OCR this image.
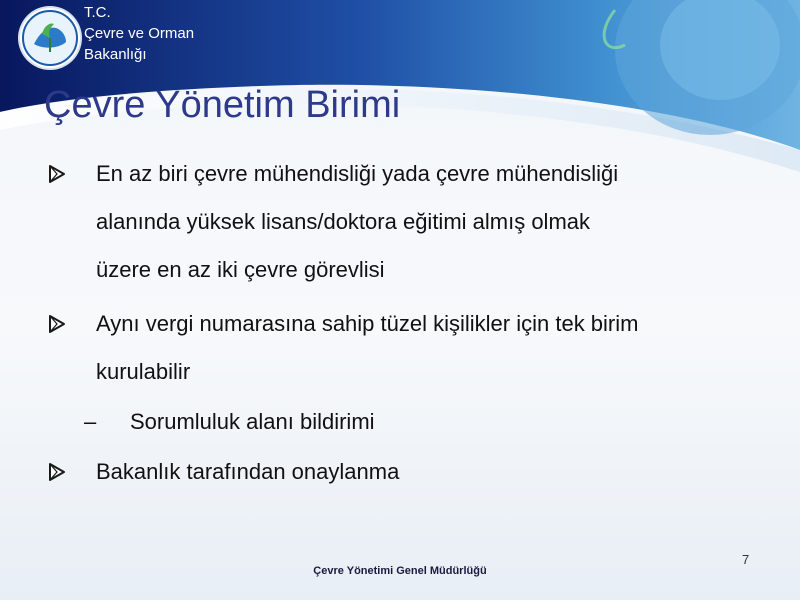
T.C.
Çevre ve Orman
Bakanlığı
Çevre Yönetim Birimi
En az biri çevre mühendisliği yada çevre mühendisliği
alanında yüksek lisans/doktora eğitimi almış olmak
üzere en az iki çevre görevlisi
Aynı vergi numarasına sahip tüzel kişilikler için tek birim
kurulabilir
– Sorumluluk alanı bildirimi
Bakanlık tarafından onaylanma
7
Çevre Yönetimi Genel Müdürlüğü
